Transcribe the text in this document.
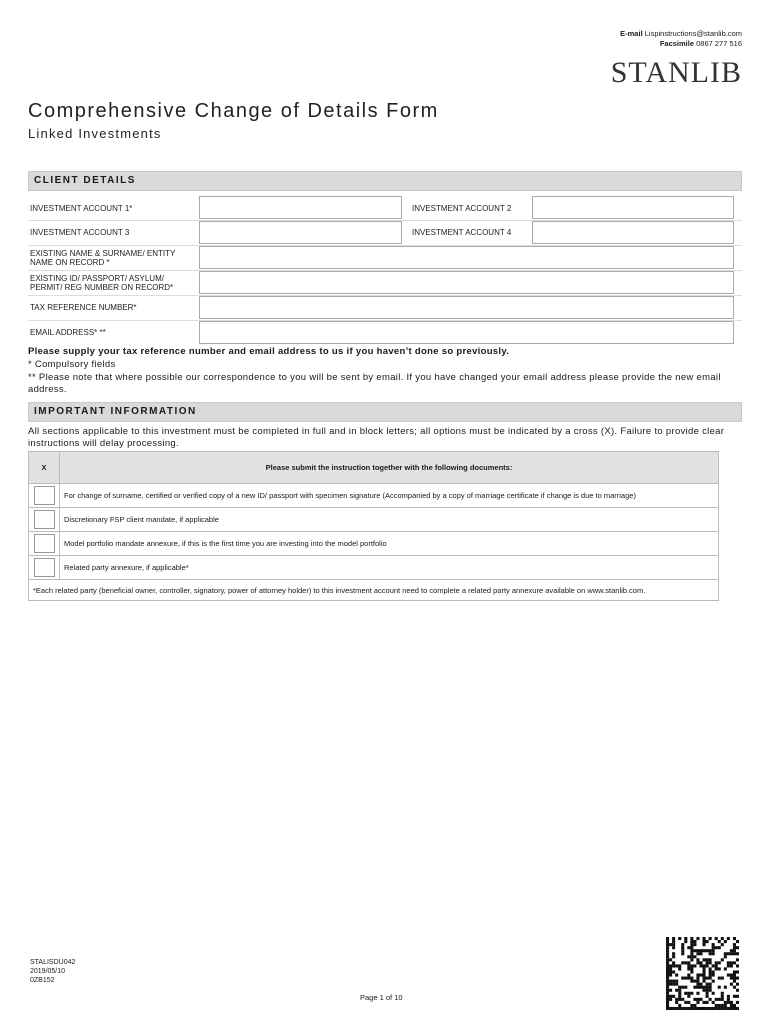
E-mail Lispinstructions@stanlib.com
Facsimile 0867 277 516
STANLIB
Comprehensive Change of Details Form
Linked Investments
CLIENT DETAILS
INVESTMENT ACCOUNT 1*	INVESTMENT ACCOUNT 2
INVESTMENT ACCOUNT 3	INVESTMENT ACCOUNT 4
EXISTING NAME & SURNAME/ ENTITY
NAME ON RECORD *
EXISTING ID/ PASSPORT/ ASYLUM/
PERMIT/ REG NUMBER ON RECORD*
TAX REFERENCE NUMBER*
EMAIL ADDRESS* **
Please supply your tax reference number and email address to us if you haven’t done so previously.
* Compulsory fields
** Please note that where possible our correspondence to you will be sent by email. If you have changed your email address please provide the new email address.
IMPORTANT INFORMATION
All sections applicable to this investment must be completed in full and in block letters; all options must be indicated by a cross (X). Failure to provide clear instructions will delay processing.
X	Please submit the instruction together with the following documents:
	For change of surname, certified or verified copy of a new ID/ passport with specimen signature (Accompanied by a copy of marriage certificate if change is due to marriage)
	Discretionary FSP client mandate, if applicable
	Model portfolio mandate annexure, if this is the first time you are investing into the model portfolio
	Related party annexure, if applicable*
*Each related party (beneficial owner, controller, signatory, power of attorney holder) to this investment account need to complete a related party annexure available on www.stanlib.com.	
STALISDU042
2019/05/10
0ZB152
Page 1 of 10
